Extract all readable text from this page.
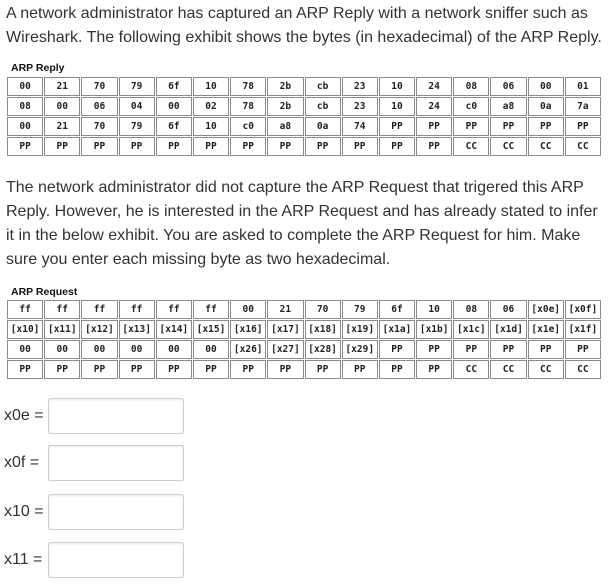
A network administrator has captured an ARP Reply with a network sniffer such as Wireshark. The following exhibit shows the bytes (in hexadecimal) of the ARP Reply.

ARP Reply
00	21	70	79	6f	10	78	2b	cb	23	10	24	08	06	00	01
08	00	06	04	00	02	78	2b	cb	23	10	24	c0	a8	0a	7a
00	21	70	79	6f	10	c0	a8	0a	74	PP	PP	PP	PP	PP	PP
PP	PP	PP	PP	PP	PP	PP	PP	PP	PP	PP	PP	CC	CC	CC	CC

The network administrator did not capture the ARP Request that trigered this ARP Reply. However, he is interested in the ARP Request and has already stated to infer it in the below exhibit. You are asked to complete the ARP Request for him. Make sure you enter each missing byte as two hexadecimal.

ARP Request
ff	ff	ff	ff	ff	ff	00	21	70	79	6f	10	08	06	[x0e]	[x0f]
[x10]	[x11]	[x12]	[x13]	[x14]	[x15]	[x16]	[x17]	[x18]	[x19]	[x1a]	[x1b]	[x1c]	[x1d]	[x1e]	[x1f]
00	00	00	00	00	00	[x26]	[x27]	[x28]	[x29]	PP	PP	PP	PP	PP	PP
PP	PP	PP	PP	PP	PP	PP	PP	PP	PP	PP	PP	CC	CC	CC	CC
x0e =
x0f =
x10 =
x11 =
